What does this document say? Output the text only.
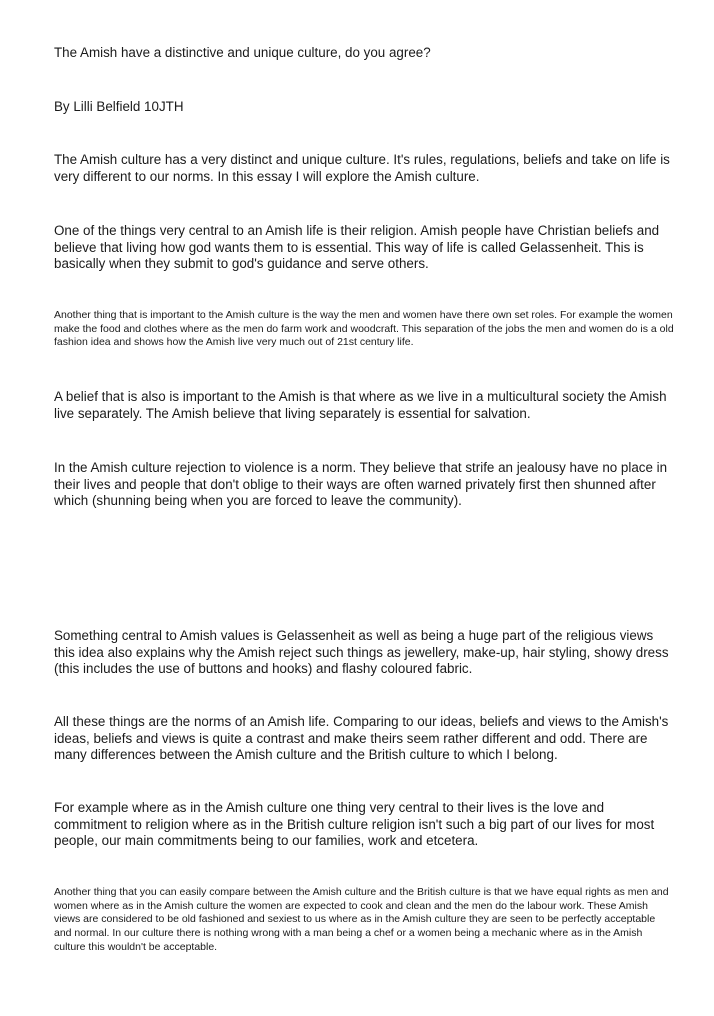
The Amish have a distinctive and unique culture, do you agree?

By Lilli Belfield 10JTH

The Amish culture has a very distinct and unique culture. It's rules, regulations, beliefs and take on life is very different to our norms. In this essay I will explore the Amish culture.

One of the things very central to an Amish life is their religion. Amish people have Christian beliefs and believe that living how god wants them to is essential. This way of life is called Gelassenheit. This is basically when they submit to god's guidance and serve others.

Another thing that is important to the Amish culture is the way the men and women have there own set roles. For example the women make the food and clothes where as the men do farm work and woodcraft. This separation of the jobs the men and women do is a old fashion idea and shows how the Amish live very much out of 21st century life.

A belief that is also is important to the Amish is that where as we live in a multicultural society the Amish live separately. The Amish believe that living separately is essential for salvation.

In the Amish culture rejection to violence is a norm. They believe that strife an jealousy have no place in their lives and people that don't oblige to their ways are often warned privately first then shunned after which (shunning being when you are forced to leave the community).

Something central to Amish values is Gelassenheit as well as being a huge part of the religious views this idea also explains why the Amish reject such things as jewellery, make-up, hair styling, showy dress (this includes the use of buttons and hooks) and flashy coloured fabric.

All these things are the norms of an Amish life. Comparing to our ideas, beliefs and views to the Amish's ideas, beliefs and views is quite a contrast and make theirs seem rather different and odd. There are many differences between the Amish culture and the British culture to which I belong.

For example where as in the Amish culture one thing very central to their lives is the love and commitment to religion where as in the British culture religion isn't such a big part of our lives for most people, our main commitments being to our families, work and etcetera.

Another thing that you can easily compare between the Amish culture and the British culture is that we have equal rights as men and women where as in the Amish culture the women are expected to cook and clean and the men do the labour work. These Amish views are considered to be old fashioned and sexiest to us where as in the Amish culture they are seen to be perfectly acceptable and normal. In our culture there is nothing wrong with a man being a chef or a women being a mechanic where as in the Amish culture this wouldn't be acceptable.
